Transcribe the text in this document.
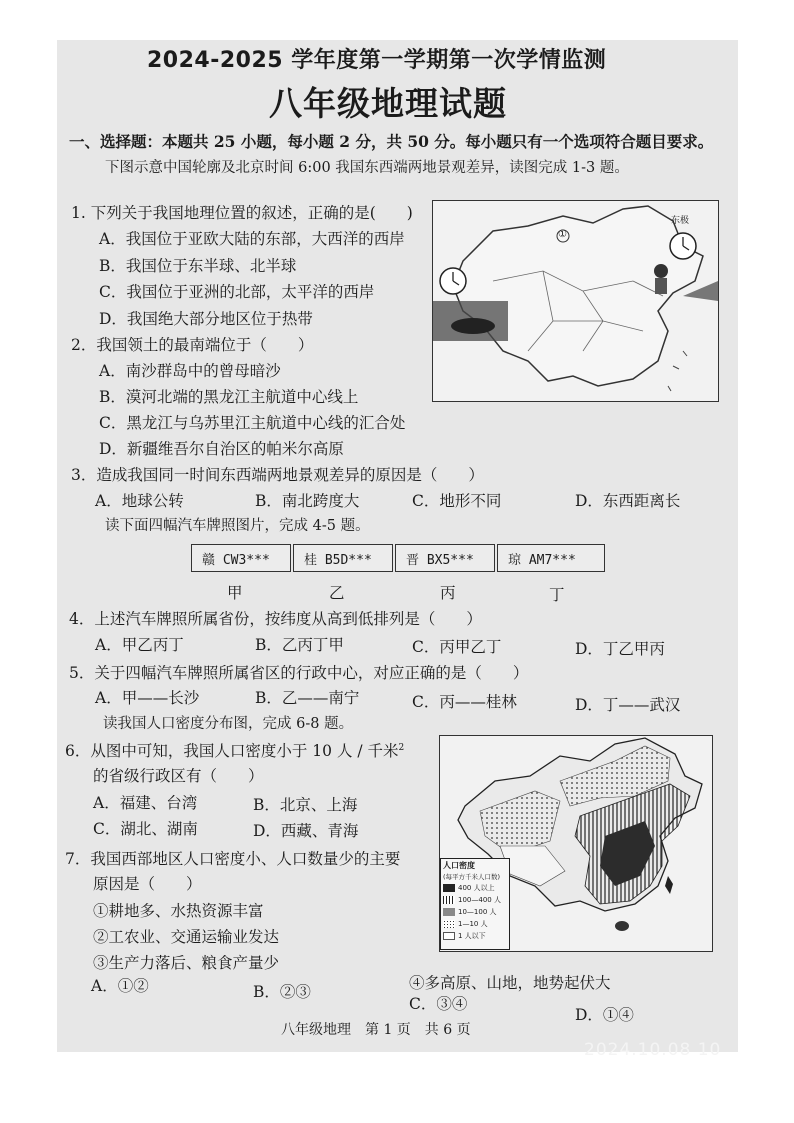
2024-2025 学年度第一学期第一次学情监测
八年级地理试题
一、选择题：本题共 25 小题，每小题 2 分，共 50 分。每小题只有一个选项符合题目要求。
下图示意中国轮廓及北京时间 6:00 我国东西端两地景观差异，读图完成 1-3 题。
1. 下列关于我国地理位置的叙述，正确的是(　　)
A．我国位于亚欧大陆的东部，大西洋的西岸
B．我国位于东半球、北半球
C．我国位于亚洲的北部，太平洋的西岸
D．我国绝大部分地区位于热带
①
东极
2．我国领土的最南端位于（　　）
A．南沙群岛中的曾母暗沙
B．漠河北端的黑龙江主航道中心线上
C．黑龙江与乌苏里江主航道中心线的汇合处
D．新疆维吾尔自治区的帕米尔高原
3．造成我国同一时间东西端两地景观差异的原因是（　　）
A．地球公转	B．南北跨度大	C．地形不同	D．东西距离长
读下面四幅汽车牌照图片，完成 4-5 题。
赣 CW3***	桂 B5D***	晋 BX5***	琼 AM7***
甲	乙	丙	丁
4．上述汽车牌照所属省份，按纬度从高到低排列是（　　）
A．甲乙丙丁	B．乙丙丁甲	C．丙甲乙丁	D．丁乙甲丙
5．关于四幅汽车牌照所属省区的行政中心，对应正确的是（　　）
A．甲——长沙	B．乙——南宁	C．丙——桂林	D．丁——武汉
读我国人口密度分布图，完成 6-8 题。
6．从图中可知，我国人口密度小于 10 人 / 千米$^2$
的省级行政区有（　　）
A．福建、台湾	B．北京、上海
C．湖北、湖南	D．西藏、青海
7．我国西部地区人口密度小、人口数量少的主要
原因是（　　）
①耕地多、水热资源丰富
②工农业、交通运输业发达
③生产力落后、粮食产量少
④多高原、山地，地势起伏大
A．①②	B．②③
C．③④
D．①④
人口密度
(每平方千米人口数)
400 人以上
100—400 人
10—100 人
1—10 人
1 人以下
八年级地理　第 1 页　共 6 页
2024.10.08 10
